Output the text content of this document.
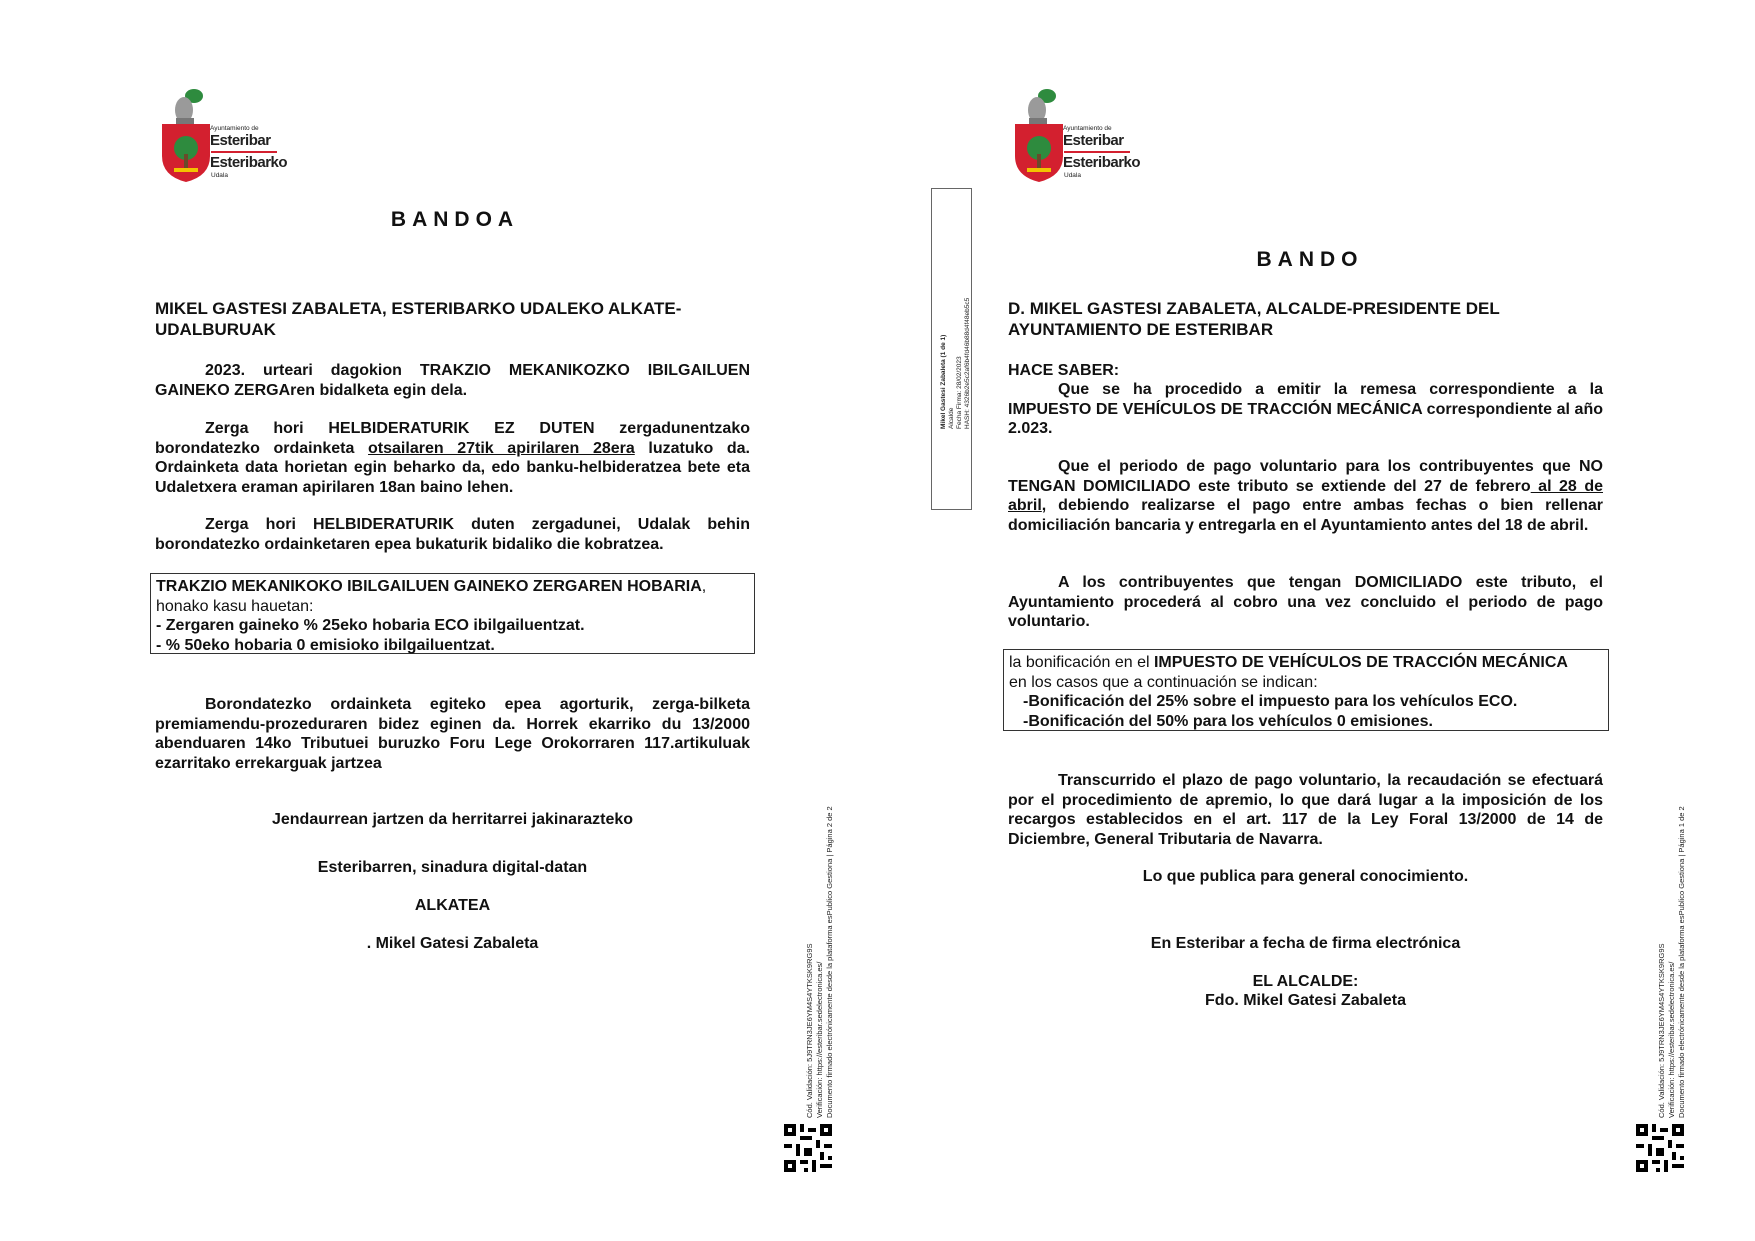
Ayuntamiento de
Esteribar
Esteribarko
Udala
BANDOA
MIKEL GASTESI ZABALETA, ESTERIBARKO UDALEKO ALKATE-UDALBURUAK
2023. urteari dagokion TRAKZIO MEKANIKOZKO IBILGAILUEN GAINEKO ZERGAren bidalketa egin dela.
Zerga hori HELBIDERATURIK EZ DUTEN zergadunentzako borondatezko ordainketa otsailaren 27tik apirilaren 28era luzatuko da. Ordainketa data horietan egin beharko da, edo banku-helbideratzea bete eta Udaletxera eraman apirilaren 18an baino lehen.
Zerga hori HELBIDERATURIK duten zergadunei, Udalak behin borondatezko ordainketaren epea bukaturik bidaliko die kobratzea.
TRAKZIO MEKANIKOKO IBILGAILUEN GAINEKO ZERGAREN HOBARIA,
honako kasu hauetan:
- Zergaren gaineko % 25eko hobaria ECO ibilgailuentzat.
- % 50eko hobaria 0 emisioko ibilgailuentzat.
Borondatezko ordainketa egiteko epea agorturik, zerga-bilketa premiamendu-prozeduraren bidez eginen da. Horrek ekarriko du 13/2000 abenduaren 14ko Tributuei buruzko Foru Lege Orokorraren 117.artikuluak ezarritako errekarguak jartzea
Jendaurrean jartzen da herritarrei jakinarazteko
Esteribarren, sinadura digital-datan
ALKATEA
. Mikel Gatesi Zabaleta	Cód. Validación: 5J9TRN3JE6YM4S4YTKSK9RG9S Verificación: https://esteribar.sedelectronica.es/ Documento firmado electrónicamente desde la plataforma esPublico Gestiona | Página 2 de 2
Mikel Gastesi Zabaleta (1 de 1) Alcalde Fecha Firma: 28/02/2023 HASH: 4326b2e5c2af6b4fd46b88d4f48eb5c5
Ayuntamiento de
Esteribar
Esteribarko
Udala
BANDO
D. MIKEL GASTESI ZABALETA, ALCALDE-PRESIDENTE DEL AYUNTAMIENTO DE ESTERIBAR
HACE SABER:
Que se ha procedido a emitir la remesa correspondiente a la IMPUESTO DE VEHÍCULOS DE TRACCIÓN MECÁNICA correspondiente al año 2.023.
Que el periodo de pago voluntario para los contribuyentes que NO TENGAN DOMICILIADO este tributo se extiende del 27 de febrero al 28 de abril, debiendo realizarse el pago entre ambas fechas o bien rellenar domiciliación bancaria y entregarla en el Ayuntamiento antes del 18 de abril.
A los contribuyentes que tengan DOMICILIADO este tributo, el Ayuntamiento procederá al cobro una vez concluido el periodo de pago voluntario.
la bonificación en el IMPUESTO DE VEHÍCULOS DE TRACCIÓN MECÁNICA
en los casos que a continuación se indican:
-Bonificación del 25% sobre el impuesto para los vehículos ECO.
-Bonificación del 50% para los vehículos 0 emisiones.
Transcurrido el plazo de pago voluntario, la recaudación se efectuará por el procedimiento de apremio, lo que dará lugar a la imposición de los recargos establecidos en el art. 117 de la Ley Foral 13/2000 de 14 de Diciembre, General Tributaria de Navarra.
Lo que publica para general conocimiento.
En Esteribar a fecha de firma electrónica
EL ALCALDE:
Fdo. Mikel Gatesi Zabaleta	Cód. Validación: 5J9TRN3JE6YM4S4YTKSK9RG9S Verificación: https://esteribar.sedelectronica.es/ Documento firmado electrónicamente desde la plataforma esPublico Gestiona | Página 1 de 2
